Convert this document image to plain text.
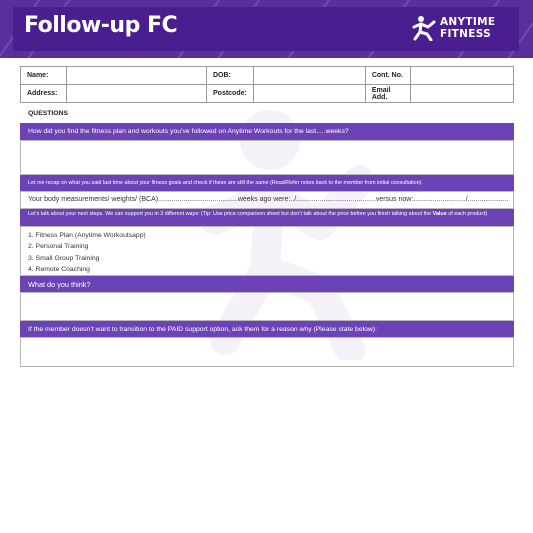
Follow-up FC	ANYTIME
FITNESS
Name:		DOB:		Cont. No.	
Address:		Postcode:		Email Add.	
QUESTIONS
How did you find the fitness plan and workouts you’ve followed on Anytime Workouts for the last.....weeks?
Let me recap on what you said last time about your fitness goals and check if these are still the same (Read/Refer notes back to the member from initial consultation).
Your body measurements/ weights/ (BCA).........................................weeks ago were:../.........................................versus now:.........................../.....................
Let’s talk about your next steps. We can support you in 3 different ways: (Tip: Use price comparison sheet but don’t talk about the price before you finish talking about the Value of each product)
1. Fitness Plan (Anytime Workoutsapp)
2. Personal Training
3. Small Group Training
4. Remote Coaching
What do you think?
If the member doesn’t want to transition to the PAID support option, ask them for a reason why (Please state below):
